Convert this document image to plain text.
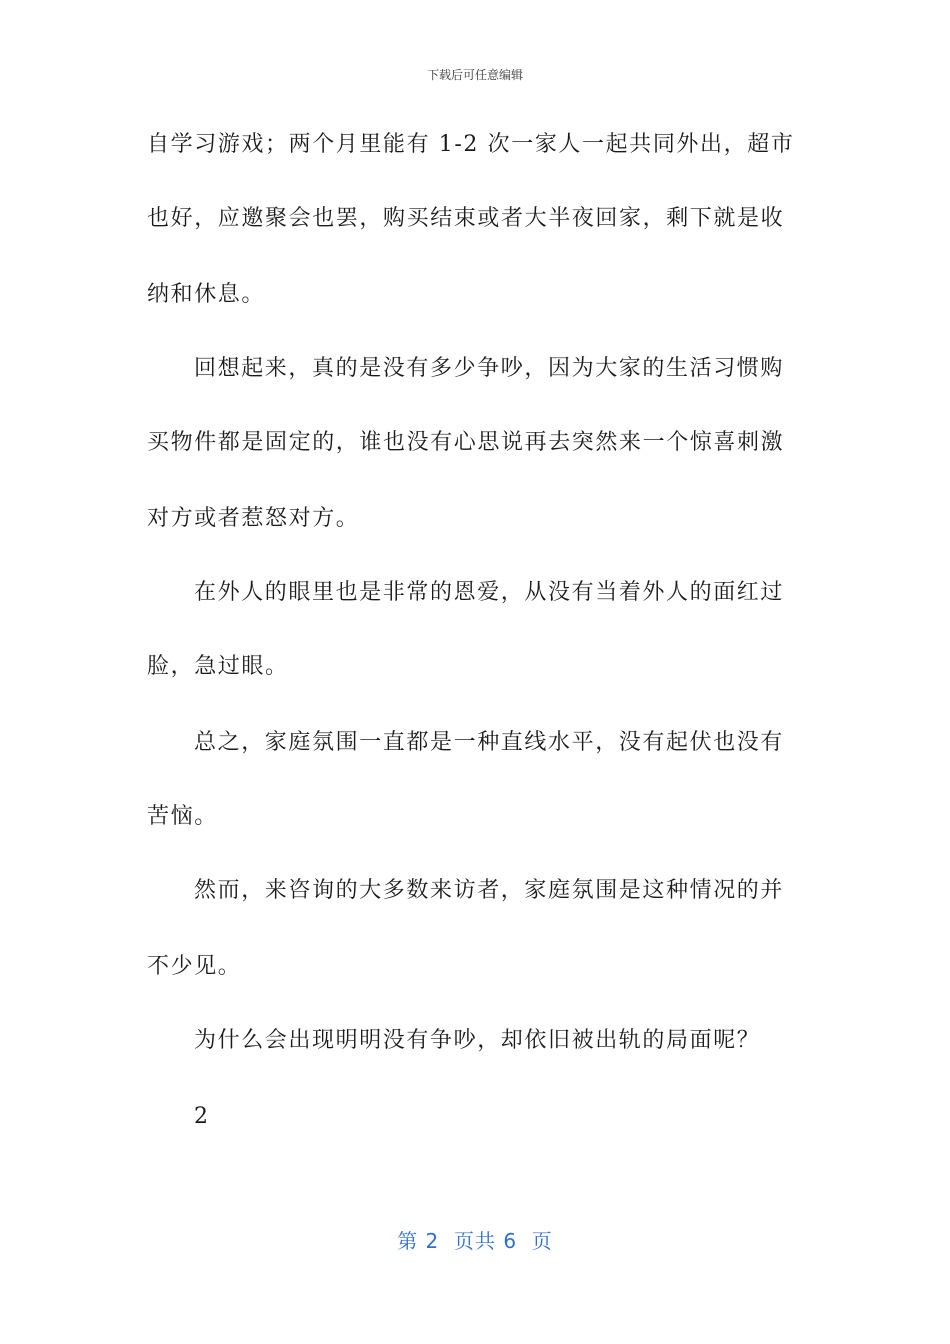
下载后可任意编辑
自学习游戏；两个月里能有 1-2 次一家人一起共同外出，超市
也好，应邀聚会也罢，购买结束或者大半夜回家，剩下就是收
纳和休息。
回想起来，真的是没有多少争吵，因为大家的生活习惯购
买物件都是固定的，谁也没有心思说再去突然来一个惊喜刺激
对方或者惹怒对方。
在外人的眼里也是非常的恩爱，从没有当着外人的面红过
脸，急过眼。
总之，家庭氛围一直都是一种直线水平，没有起伏也没有
苦恼。
然而，来咨询的大多数来访者，家庭氛围是这种情况的并
不少见。
为什么会出现明明没有争吵，却依旧被出轨的局面呢？
2
第 2  页共 6  页
